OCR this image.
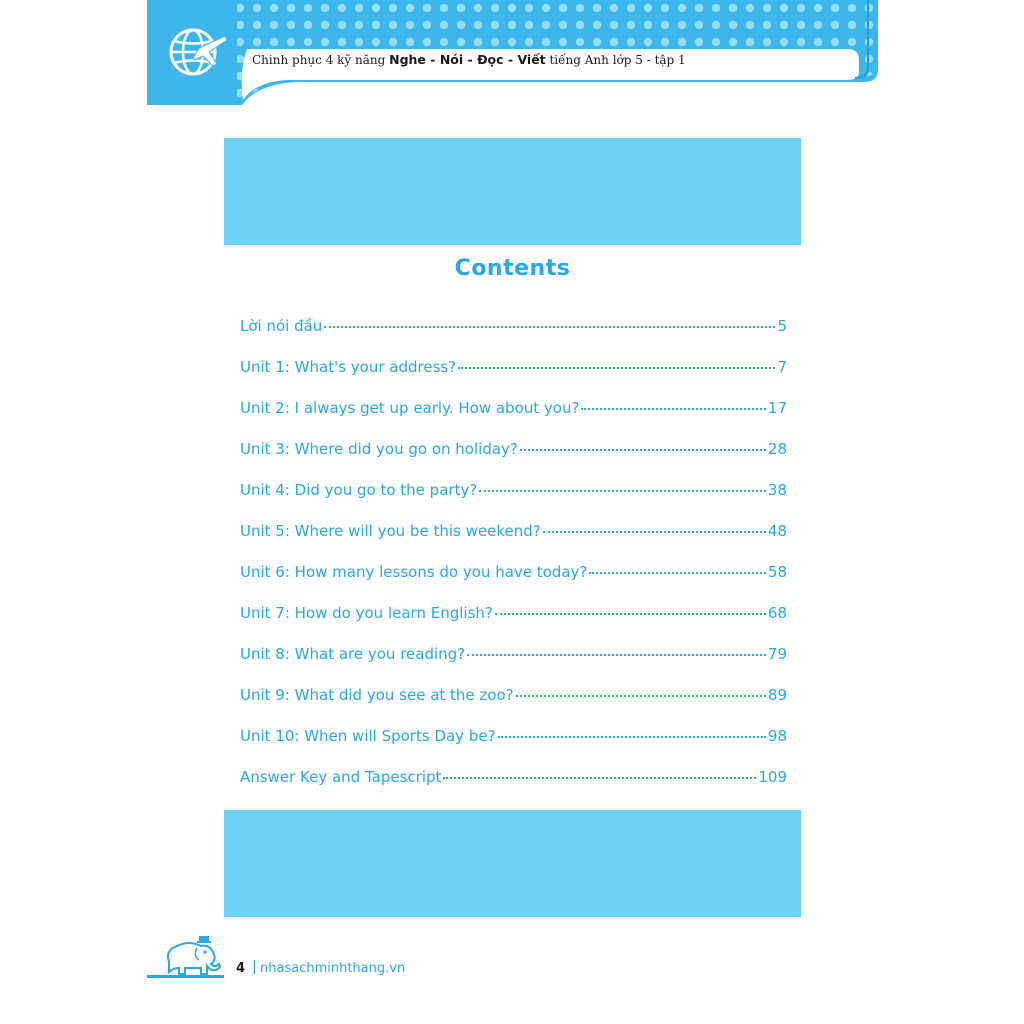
Chinh phục 4 kỹ năng Nghe - Nói - Đọc - Viết tiếng Anh lớp 5 - tập 1
Contents
Lời nói đầu	5
Unit 1: What's your address?	7
Unit 2: I always get up early. How about you?	17
Unit 3: Where did you go on holiday?	28
Unit 4: Did you go to the party?	38
Unit 5: Where will you be this weekend?	48
Unit 6: How many lessons do you have today?	58
Unit 7: How do you learn English?	68
Unit 8: What are you reading?	79
Unit 9: What did you see at the zoo?	89
Unit 10: When will Sports Day be?	98
Answer Key and Tapescript	109
4 | nhasachminhthang.vn
